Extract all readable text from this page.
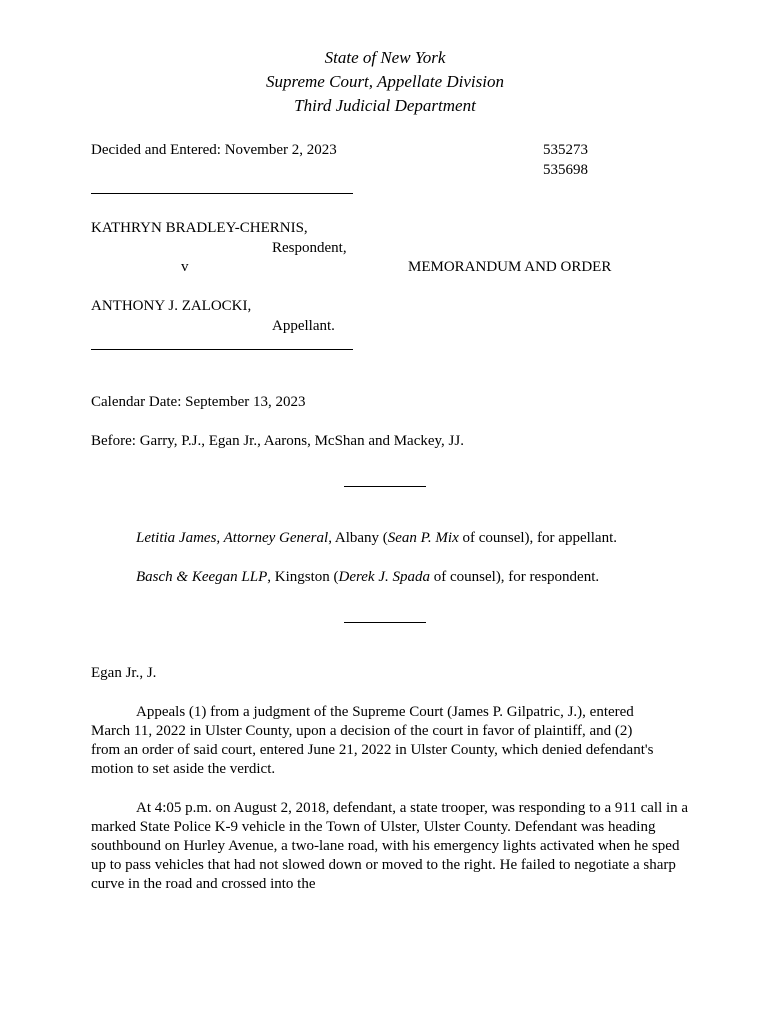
State of New York
Supreme Court, Appellate Division
Third Judicial Department
Decided and Entered: November 2, 2023	535273
535698
KATHRYN BRADLEY-CHERNIS,
Respondent,
v	MEMORANDUM AND ORDER
ANTHONY J. ZALOCKI,
Appellant.
Calendar Date: September 13, 2023
Before: Garry, P.J., Egan Jr., Aarons, McShan and Mackey, JJ.
Letitia James, Attorney General, Albany (Sean P. Mix of counsel), for appellant.
Basch & Keegan LLP, Kingston (Derek J. Spada of counsel), for respondent.
Egan Jr., J.
Appeals (1) from a judgment of the Supreme Court (James P. Gilpatric, J.), entered March 11, 2022 in Ulster County, upon a decision of the court in favor of plaintiff, and (2) from an order of said court, entered June 21, 2022 in Ulster County, which denied defendant's motion to set aside the verdict.
At 4:05 p.m. on August 2, 2018, defendant, a state trooper, was responding to a 911 call in a marked State Police K-9 vehicle in the Town of Ulster, Ulster County. Defendant was heading southbound on Hurley Avenue, a two-lane road, with his emergency lights activated when he sped up to pass vehicles that had not slowed down or moved to the right. He failed to negotiate a sharp curve in the road and crossed into the
